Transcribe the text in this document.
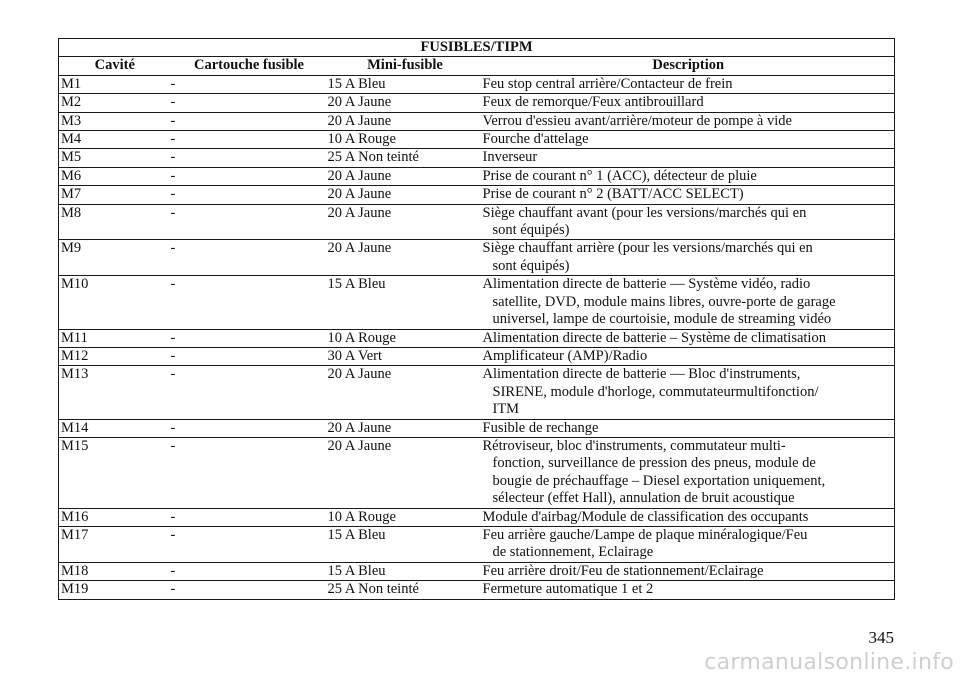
FUSIBLES/TIPM			
Cavité	Cartouche fusible	Mini-fusible	Description
M1	-	15 A Bleu	Feu stop central arrière/Contacteur de frein

M2	-	20 A Jaune	Feux de remorque/Feux antibrouillard

M3	-	20 A Jaune	Verrou d'essieu avant/arrière/moteur de pompe à vide

M4	-	10 A Rouge	Fourche d'attelage

M5	-	25 A Non teinté	Inverseur

M6	-	20 A Jaune	Prise de courant n° 1 (ACC), détecteur de pluie

M7	-	20 A Jaune	Prise de courant n° 2 (BATT/ACC SELECT)

M8	-	20 A Jaune	Siège chauffant avant (pour les versions/marchés qui en
sont équipés)

M9	-	20 A Jaune	Siège chauffant arrière (pour les versions/marchés qui en
sont équipés)

M10	-	15 A Bleu	Alimentation directe de batterie — Système vidéo, radio
satellite, DVD, module mains libres, ouvre-porte de garage
universel, lampe de courtoisie, module de streaming vidéo

M11	-	10 A Rouge	Alimentation directe de batterie – Système de climatisation

M12	-	30 A Vert	Amplificateur (AMP)/Radio

M13	-	20 A Jaune	Alimentation directe de batterie — Bloc d'instruments,
SIRENE, module d'horloge, commutateurmultifonction/
ITM

M14	-	20 A Jaune	Fusible de rechange

M15	-	20 A Jaune	Rétroviseur, bloc d'instruments, commutateur multi-
fonction, surveillance de pression des pneus, module de
bougie de préchauffage – Diesel exportation uniquement,
sélecteur (effet Hall), annulation de bruit acoustique

M16	-	10 A Rouge	Module d'airbag/Module de classification des occupants

M17	-	15 A Bleu	Feu arrière gauche/Lampe de plaque minéralogique/Feu
de stationnement, Eclairage

M18	-	15 A Bleu	Feu arrière droit/Feu de stationnement/Eclairage

M19	-	25 A Non teinté	Fermeture automatique 1 et 2
345
carmanualsonline.info
